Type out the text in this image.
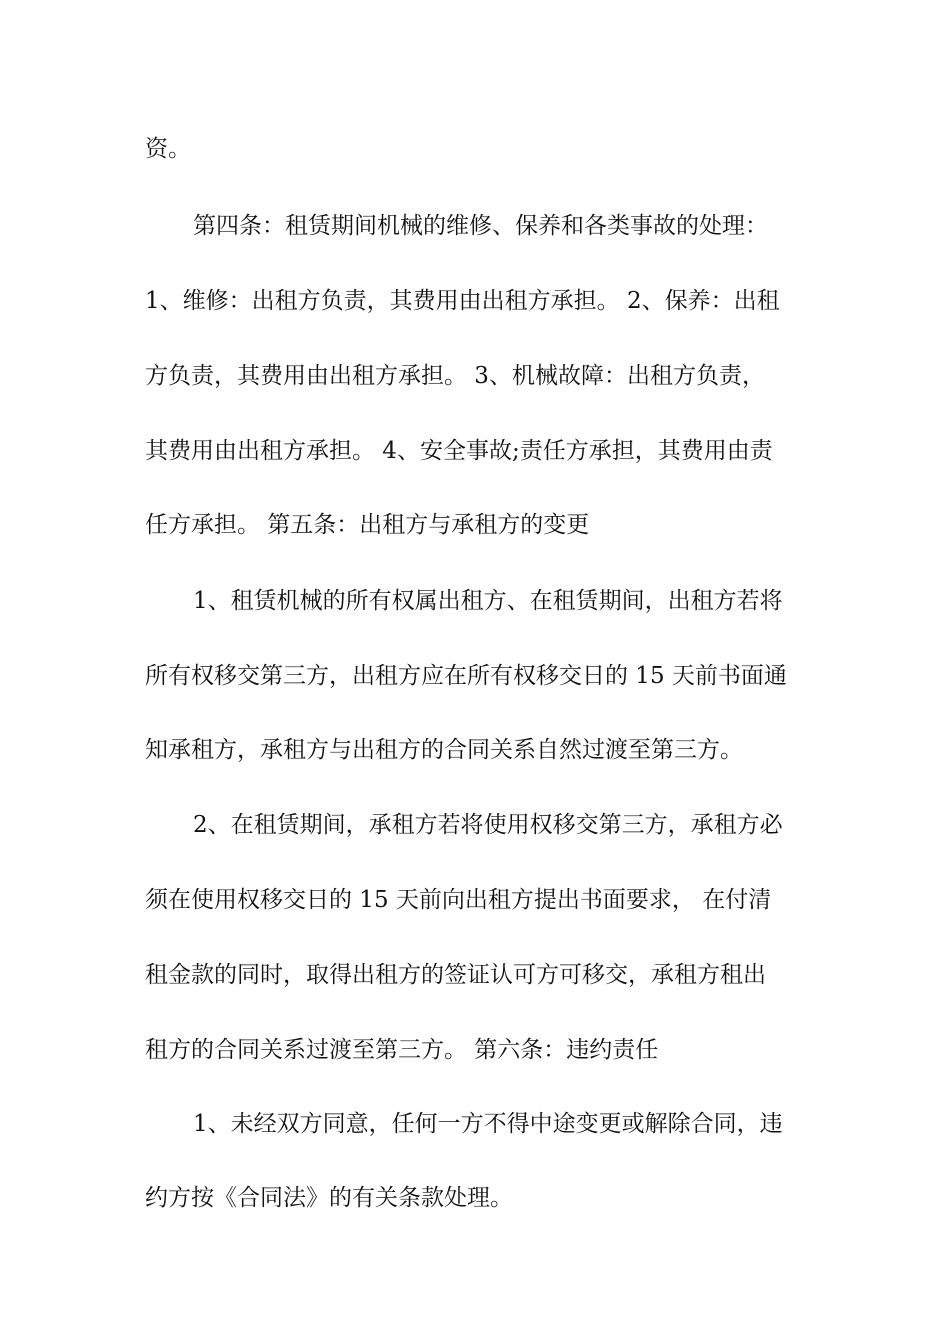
资。
第四条：租赁期间机械的维修、保养和各类事故的处理：
1、维修：出租方负责，其费用由出租方承担。 2、保养：出租
方负责，其费用由出租方承担。 3、机械故障：出租方负责，
其费用由出租方承担。 4、安全事故;责任方承担，其费用由责
任方承担。 第五条：出租方与承租方的变更
1、租赁机械的所有权属出租方、在租赁期间，出租方若将
所有权移交第三方，出租方应在所有权移交日的 15 天前书面通
知承租方，承租方与出租方的合同关系自然过渡至第三方。
2、在租赁期间，承租方若将使用权移交第三方，承租方必
须在使用权移交日的 15 天前向出租方提出书面要求， 在付清
租金款的同时，取得出租方的签证认可方可移交，承租方租出
租方的合同关系过渡至第三方。 第六条：违约责任
1、未经双方同意，任何一方不得中途变更或解除合同，违
约方按《合同法》的有关条款处理。
